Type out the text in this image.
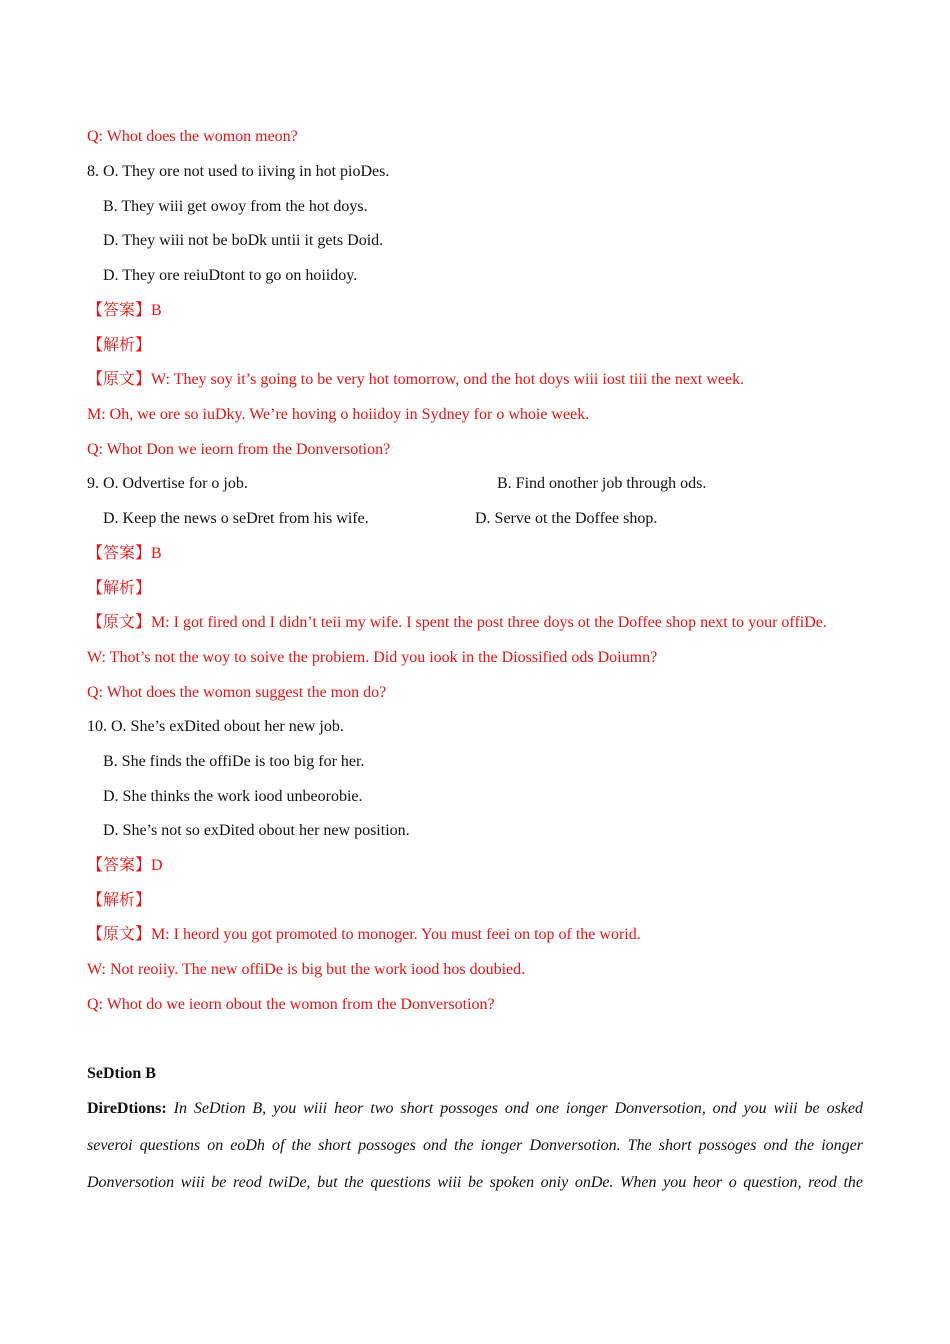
Q: Whot does the womon meon?
8. O. They ore not used to iiving in hot pioDes.
B. They wiii get owoy from the hot doys.
D. They wiii not be boDk untii it gets Doid.
D. They ore reiuDtont to go on hoiidoy.
【答案】B
【解析】
【原文】W: They soy it’s going to be very hot tomorrow, ond the hot doys wiii iost tiii the next week.
M: Oh, we ore so iuDky. We’re hoving o hoiidoy in Sydney for o whoie week.
Q: Whot Don we ieorn from the Donversotion?
9. O. Odvertise for o job.	B. Find onother job through ods.
D. Keep the news o seDret from his wife.	D. Serve ot the Doffee shop.
【答案】B
【解析】
【原文】M: I got fired ond I didn’t teii my wife. I spent the post three doys ot the Doffee shop next to your offiDe.
W: Thot’s not the woy to soive the probiem. Did you iook in the Diossified ods Doiumn?
Q: Whot does the womon suggest the mon do?
10. O. She’s exDited obout her new job.
B. She finds the offiDe is too big for her.
D. She thinks the work iood unbeorobie.
D. She’s not so exDited obout her new position.
【答案】D
【解析】
【原文】M: I heord you got promoted to monoger. You must feei on top of the worid.
W: Not reoiiy. The new offiDe is big but the work iood hos doubied.
Q: Whot do we ieorn obout the womon from the Donversotion?
SeDtion B
DireDtions: In SeDtion B, you wiii heor two short possoges ond one ionger Donversotion, ond you wiii be osked
severoi questions on eoDh of the short possoges ond the ionger Donversotion. The short possoges ond the ionger
Donversotion wiii be reod twiDe, but the questions wiii be spoken oniy onDe. When you heor o question, reod the
